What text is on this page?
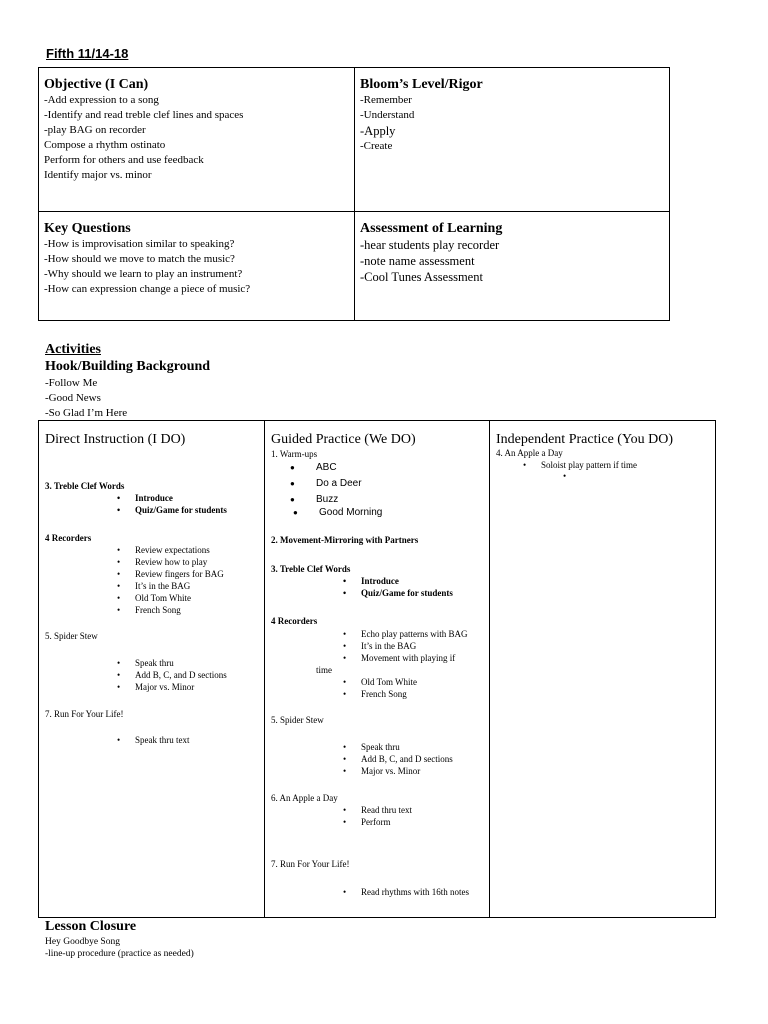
Fifth 11/14-18
Objective (I Can)
-Add expression to a song
-Identify and read treble clef lines and spaces
-play BAG on recorder
Compose a rhythm ostinato
Perform for others and use feedback
Identify major vs. minor
Bloom’s Level/Rigor
-Remember
-Understand
-Apply
-Create
Key Questions
-How is improvisation similar to speaking?
-How should we move to match the music?
-Why should we learn to play an instrument?
-How can expression change a piece of music?
Assessment of Learning
-hear students play recorder
-note name assessment
-Cool Tunes Assessment
Activities
Hook/Building Background
-Follow Me
-Good News
-So Glad I’m Here
Direct Instruction (I DO)
3. Treble Clef Words
• Introduce
• Quiz/Game for students
4 Recorders
• Review expectations
• Review how to play
• Review fingers for BAG
• It’s in the BAG
• Old Tom White
• French Song
5. Spider Stew
• Speak thru
• Add B, C, and D sections
• Major vs. Minor
7. Run For Your Life!
• Speak thru text
Guided Practice (We DO)
1. Warm-ups
● ABC
● Do a Deer
● Buzz
● Good Morning
2. Movement-Mirroring with Partners
3. Treble Clef Words
• Introduce
• Quiz/Game for students
4 Recorders
• Echo play patterns with BAG
• It’s in the BAG
• Movement with playing if
time
• Old Tom White
• French Song
5. Spider Stew
• Speak thru
• Add B, C, and D sections
• Major vs. Minor
6. An Apple a Day
• Read thru text
• Perform
7. Run For Your Life!
• Read rhythms with 16th notes
Independent Practice (You DO)
4. An Apple a Day
• Soloist play pattern if time
•
Lesson Closure
Hey Goodbye Song
-line-up procedure (practice as needed)
